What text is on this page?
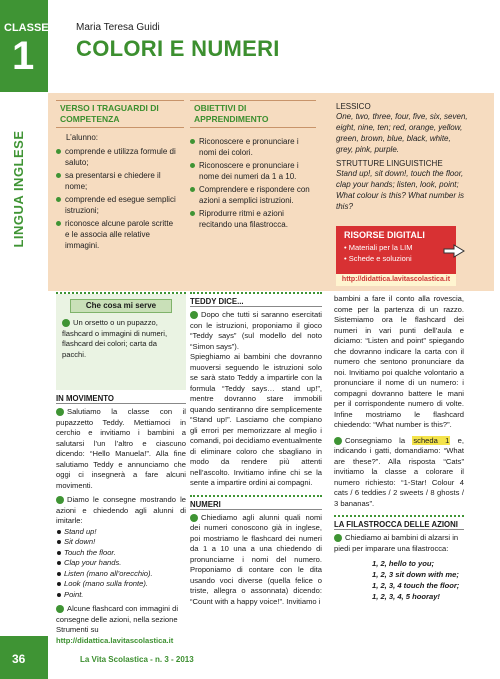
CLASSE
1
LINGUA INGLESE
36
Maria Teresa Guidi
COLORI E NUMERI
VERSO I TRAGUARDI DI COMPETENZA
L’alunno:
comprende e utilizza formule di saluto;
sa presentarsi e chiedere il nome;
comprende ed esegue semplici istruzioni;
riconosce alcune parole scritte e le associa alle relative immagini.
OBIETTIVI DI APPRENDIMENTO
Riconoscere e pronunciare i nomi dei colori.
Riconoscere e pronunciare i nome dei numeri da 1 a 10.
Comprendere e rispondere con azioni a semplici istruzioni.
Riprodurre ritmi e azioni recitando una filastrocca.
LESSICO
One, two, three, four, five, six, seven, eight, nine, ten; red, orange, yellow, green, brown, blue, black, white, grey, pink, purple.
STRUTTURE LINGUISTICHE
Stand up!, sit down!, touch the floor, clap your hands; listen, look, point; What colour is this? What number is this?
RISORSE DIGITALI
• Materiali per la LIM
• Schede e soluzioni
http://didattica.lavitascolastica.it
Che cosa mi serve
Un orsetto o un pupazzo, flashcard o immagini di numeri, flashcard dei colori; carta da pacchi.
IN MOVIMENTO
Salutiamo la classe con il pupazzetto Teddy. Mettiamoci in cerchio e invitiamo i bambini a salutarsi l’un l’altro e ciascuno dicendo: “Hello Manuela!”. Alla fine salutiamo Teddy e annunciamo che oggi ci insegnerà a fare alcuni movimenti.
Diamo le consegne mostrando le azioni e chiedendo agli alunni di imitarle:
Stand up!
Sit down!
Touch the floor.
Clap your hands.
Listen (mano all’orecchio).
Look (mano sulla fronte).
Point.
Alcune flashcard con immagini di consegne delle azioni, nella sezione Strumenti su http://didattica.lavitascolastica.it
TEDDY DICE...
Dopo che tutti si saranno esercitati con le istruzioni, proponiamo il gioco “Teddy says” (sul modello del noto “Simon says”).
Spieghiamo ai bambini che dovranno muoversi seguendo le istruzioni solo se sarà stato Teddy a impartirle con la formula “Teddy says… stand up!”, mentre dovranno stare immobili quando sentiranno dire semplicemente “Stand up!”. Lasciamo che compiano gli errori per memorizzare al meglio i comandi, poi decidiamo eventualmente di eliminare coloro che sbagliano in modo da rendere più attenti nell’ascolto. Invitiamo infine chi se la sente a impartire ordini ai compagni.
NUMERI
Chiediamo agli alunni quali nomi dei numeri conoscono già in inglese, poi mostriamo le flashcard dei numeri da 1 a 10 una a una chiedendo di pronunciarne i nomi del numero. Proponiamo di contare con le dita usando voci diverse (quella felice o triste, allegra o assonnata) dicendo: “Count with a happy voice!”. Invitiamo i
bambini a fare il conto alla rovescia, come per la partenza di un razzo. Sistemiamo ora le flashcard dei numeri in vari punti dell’aula e diciamo: “Listen and point” spiegando che dovranno indicare la carta con il numero che sentono pronunciare da noi. Invitiamo poi qualche volontario a pronunciare il nome di un numero: i compagni dovranno battere le mani per il corrispondente numero di volte. Infine mostriamo le flashcard chiedendo: “What number is this?”.
Consegniamo la scheda 1 e, indicando i gatti, domandiamo: “What are these?”. Alla risposta “Cats” invitiamo la classe a colorare il numero richiesto: “1-Star! Colour 4 cats / 6 teddies / 2 sweets / 8 ghosts / 3 bananas”.
LA FILASTROCCA DELLE AZIONI
Chiediamo ai bambini di alzarsi in piedi per imparare una filastrocca:
1, 2, hello to you;
1, 2, 3 sit down with me;
1, 2, 3, 4 touch the floor;
1, 2, 3, 4, 5 hooray!
La Vita Scolastica - n. 3 - 2013
